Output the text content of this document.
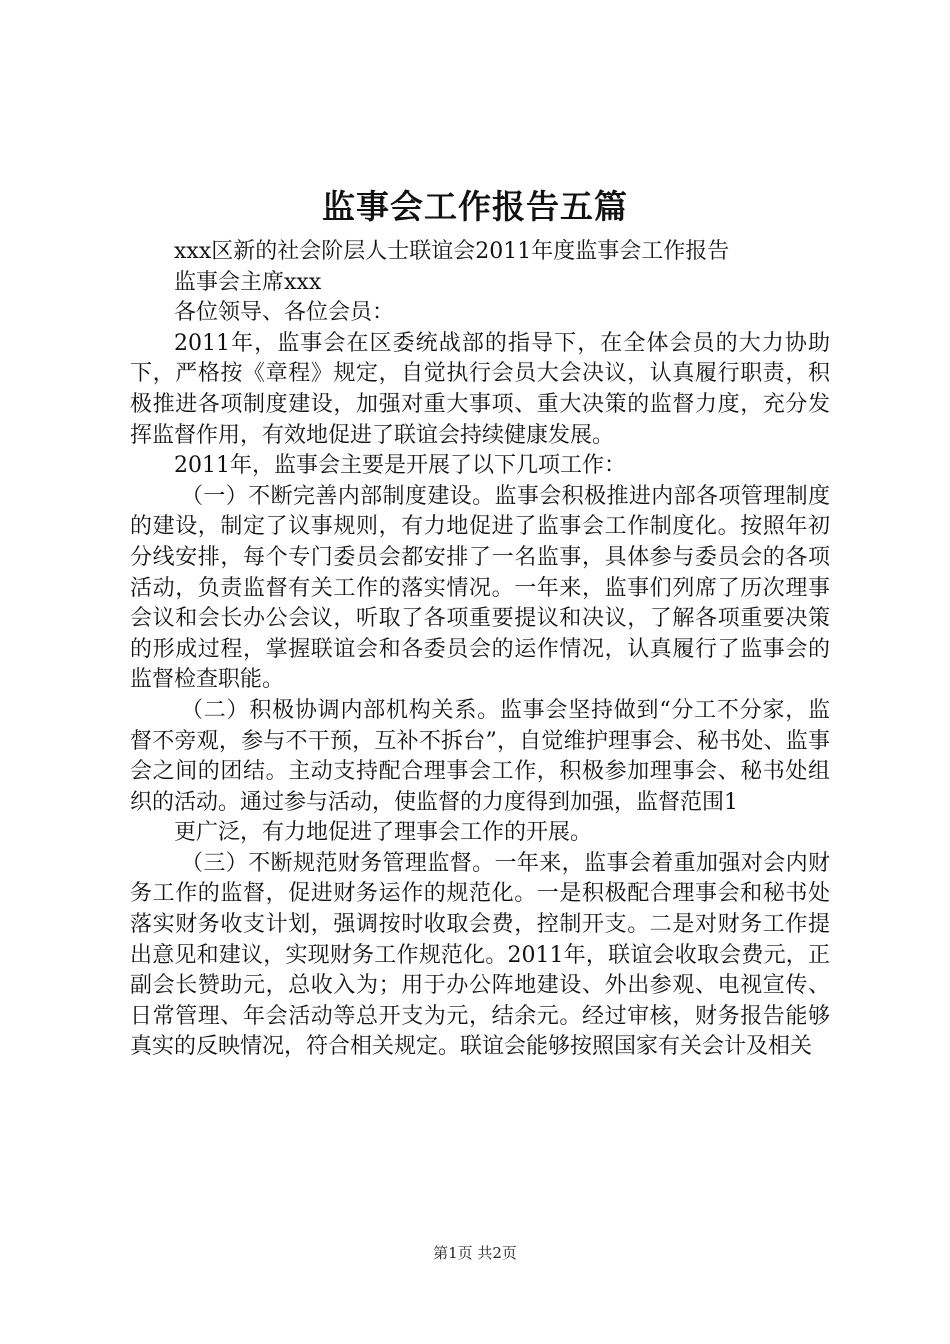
监事会工作报告五篇

xxx区新的社会阶层人士联谊会2011年度监事会工作报告

监事会主席xxx

各位领导、各位会员：

2011年，监事会在区委统战部的指导下，在全体会员的大力协助下，严格按《章程》规定，自觉执行会员大会决议，认真履行职责，积极推进各项制度建设，加强对重大事项、重大决策的监督力度，充分发挥监督作用，有效地促进了联谊会持续健康发展。

2011年，监事会主要是开展了以下几项工作：

（一）不断完善内部制度建设。监事会积极推进内部各项管理制度的建设，制定了议事规则，有力地促进了监事会工作制度化。按照年初分线安排，每个专门委员会都安排了一名监事，具体参与委员会的各项活动，负责监督有关工作的落实情况。一年来，监事们列席了历次理事会议和会长办公会议，听取了各项重要提议和决议，了解各项重要决策的形成过程，掌握联谊会和各委员会的运作情况，认真履行了监事会的监督检查职能。

（二）积极协调内部机构关系。监事会坚持做到“分工不分家，监督不旁观，参与不干预，互补不拆台”，自觉维护理事会、秘书处、监事会之间的团结。主动支持配合理事会工作，积极参加理事会、秘书处组织的活动。通过参与活动，使监督的力度得到加强，监督范围1

更广泛，有力地促进了理事会工作的开展。

（三）不断规范财务管理监督。一年来，监事会着重加强对会内财务工作的监督，促进财务运作的规范化。一是积极配合理事会和秘书处落实财务收支计划，强调按时收取会费，控制开支。二是对财务工作提出意见和建议，实现财务工作规范化。2011年，联谊会收取会费元，正副会长赞助元，总收入为；用于办公阵地建设、外出参观、电视宣传、日常管理、年会活动等总开支为元，结余元。经过审核，财务报告能够真实的反映情况，符合相关规定。联谊会能够按照国家有关会计及相关

第1页 共2页
